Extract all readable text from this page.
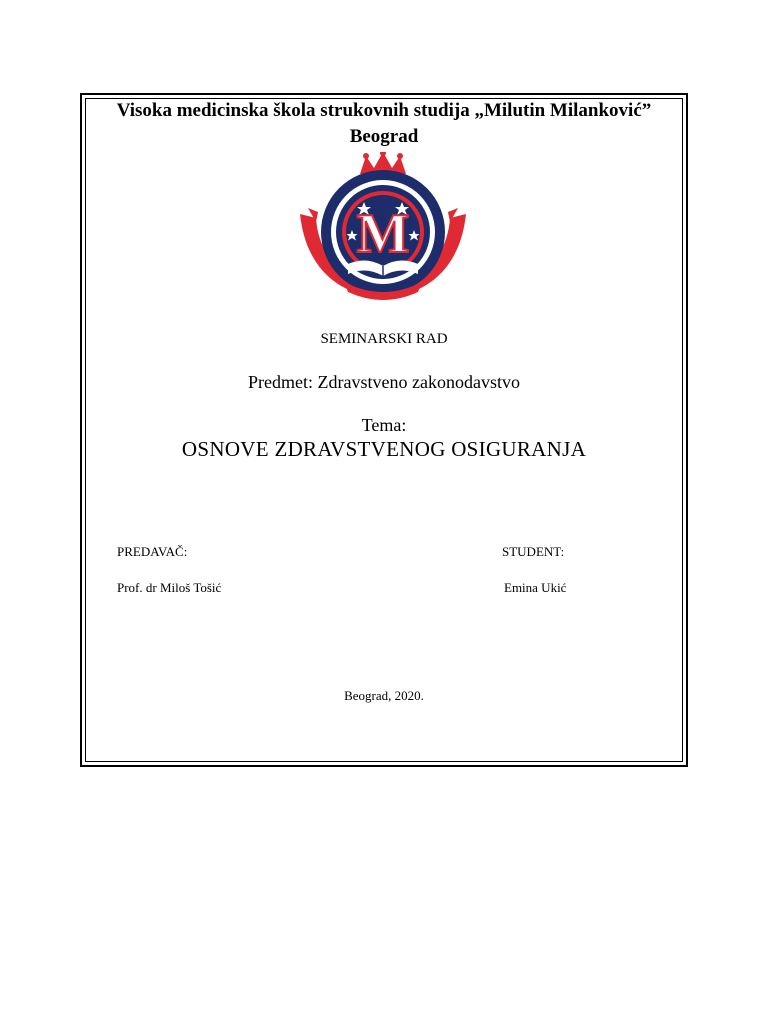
Visoka medicinska škola strukovnih studija „Milutin Milanković”
Beograd
M
SEMINARSKI RAD
Predmet: Zdravstveno zakonodavstvo
Tema:
OSNOVE ZDRAVSTVENOG OSIGURANJA
PREDAVAČ:	STUDENT:
Prof. dr Miloš Tošić	Emina Ukić
Beograd, 2020.
